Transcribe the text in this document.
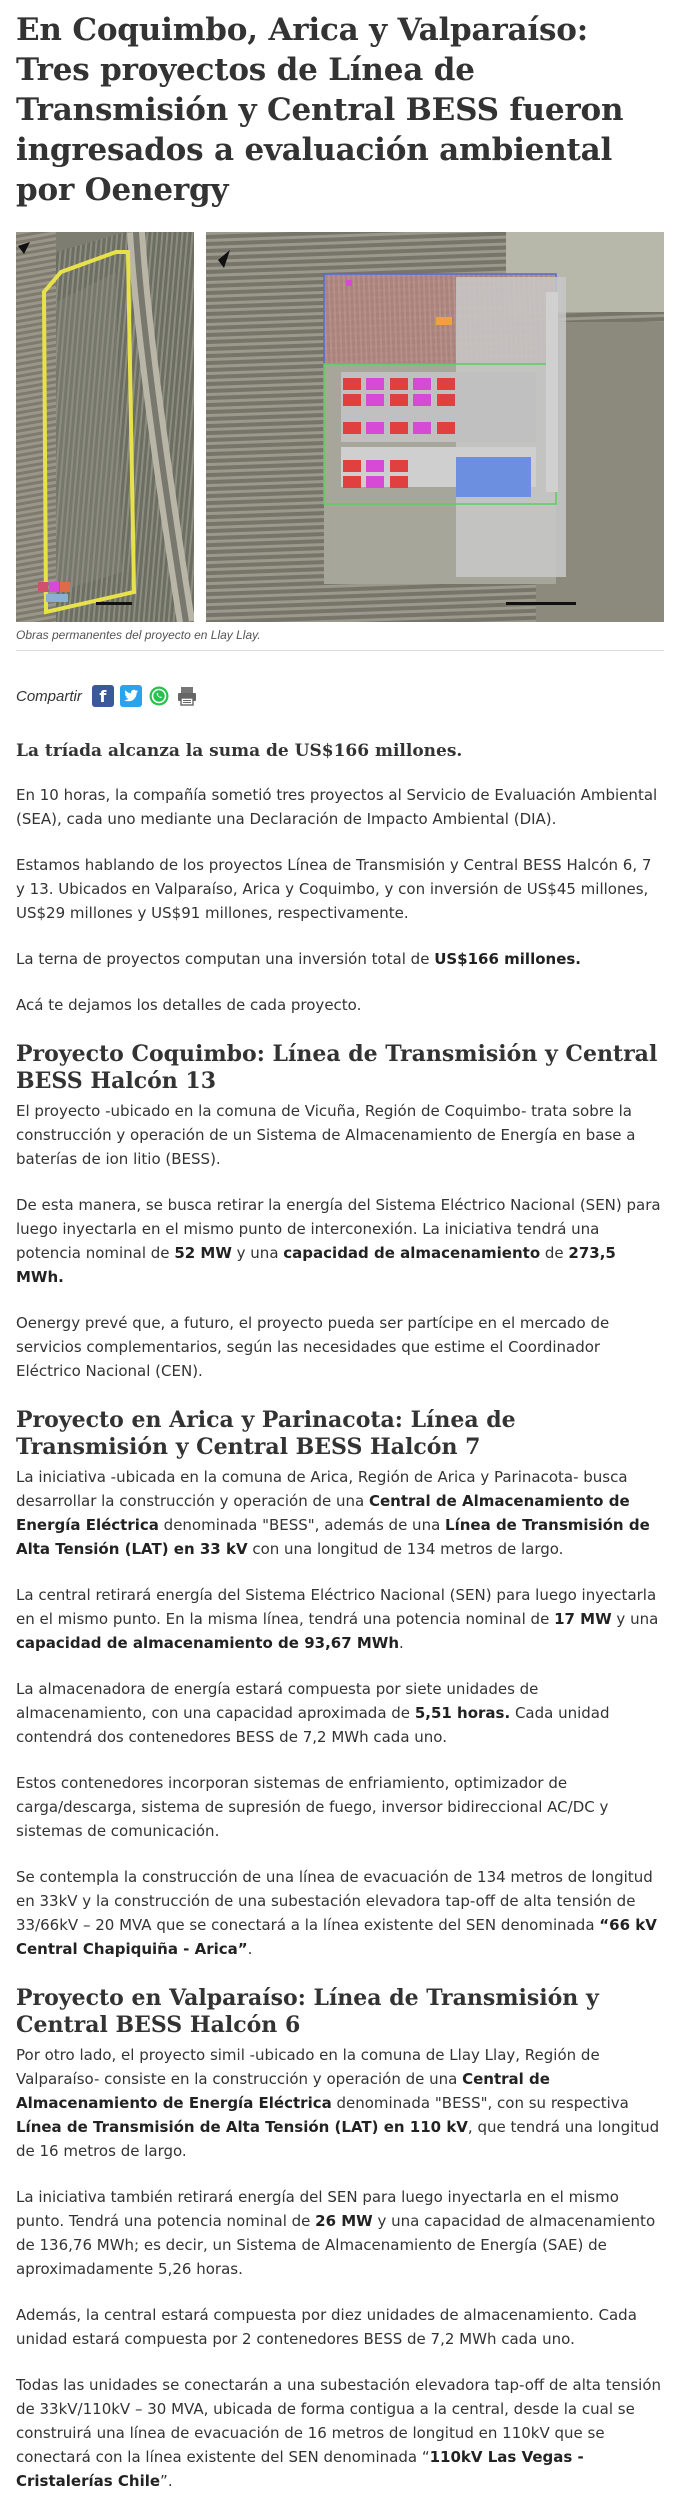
En Coquimbo, Arica y Valparaíso: Tres proyectos de Línea de Transmisión y Central BESS fueron ingresados a evaluación ambiental por Oenergy
Obras permanentes del proyecto en Llay Llay.
Compartir	f
La tríada alcanza la suma de US$166 millones.

En 10 horas, la compañía sometió tres proyectos al Servicio de Evaluación Ambiental (SEA), cada uno mediante una Declaración de Impacto Ambiental (DIA).

Estamos hablando de los proyectos Línea de Transmisión y Central BESS Halcón 6, 7 y 13. Ubicados en Valparaíso, Arica y Coquimbo, y con inversión de US$45 millones, US$29 millones y US$91 millones, respectivamente.

La terna de proyectos computan una inversión total de US$166 millones.

Acá te dejamos los detalles de cada proyecto.

Proyecto Coquimbo: Línea de Transmisión y Central BESS Halcón 13

El proyecto -ubicado en la comuna de Vicuña, Región de Coquimbo- trata sobre la construcción y operación de un Sistema de Almacenamiento de Energía en base a baterías de ion litio (BESS).

De esta manera, se busca retirar la energía del Sistema Eléctrico Nacional (SEN) para luego inyectarla en el mismo punto de interconexión. La iniciativa tendrá una potencia nominal de 52 MW y una capacidad de almacenamiento de 273,5 MWh.

Oenergy prevé que, a futuro, el proyecto pueda ser partícipe en el mercado de servicios complementarios, según las necesidades que estime el Coordinador Eléctrico Nacional (CEN).

Proyecto en Arica y Parinacota: Línea de Transmisión y Central BESS Halcón 7

La iniciativa -ubicada en la comuna de Arica, Región de Arica y Parinacota- busca desarrollar la construcción y operación de una Central de Almacenamiento de Energía Eléctrica denominada "BESS", además de una Línea de Transmisión de Alta Tensión (LAT) en 33 kV con una longitud de 134 metros de largo.

La central retirará energía del Sistema Eléctrico Nacional (SEN) para luego inyectarla en el mismo punto. En la misma línea, tendrá una potencia nominal de 17 MW y una capacidad de almacenamiento de 93,67 MWh.

La almacenadora de energía estará compuesta por siete unidades de almacenamiento, con una capacidad aproximada de 5,51 horas. Cada unidad contendrá dos contenedores BESS de 7,2 MWh cada uno.

Estos contenedores incorporan sistemas de enfriamiento, optimizador de carga/descarga, sistema de supresión de fuego, inversor bidireccional AC/DC y sistemas de comunicación.

Se contempla la construcción de una línea de evacuación de 134 metros de longitud en 33kV y la construcción de una subestación elevadora tap-off de alta tensión de 33/66kV – 20 MVA que se conectará a la línea existente del SEN denominada “66 kV Central Chapiquiña - Arica”.

Proyecto en Valparaíso: Línea de Transmisión y Central BESS Halcón 6

Por otro lado, el proyecto simil -ubicado en la comuna de Llay Llay, Región de Valparaíso- consiste en la construcción y operación de una Central de Almacenamiento de Energía Eléctrica denominada "BESS", con su respectiva Línea de Transmisión de Alta Tensión (LAT) en 110 kV, que tendrá una longitud de 16 metros de largo.

La iniciativa también retirará energía del SEN para luego inyectarla en el mismo punto. Tendrá una potencia nominal de 26 MW y una capacidad de almacenamiento de 136,76 MWh; es decir, un Sistema de Almacenamiento de Energía (SAE) de aproximadamente 5,26 horas.

Además, la central estará compuesta por diez unidades de almacenamiento. Cada unidad estará compuesta por 2 contenedores BESS de 7,2 MWh cada uno.

Todas las unidades se conectarán a una subestación elevadora tap-off de alta tensión de 33kV/110kV – 30 MVA, ubicada de forma contigua a la central, desde la cual se construirá una línea de evacuación de 16 metros de longitud en 110kV que se conectará con la línea existente del SEN denominada “110kV Las Vegas - Cristalerías Chile”.
